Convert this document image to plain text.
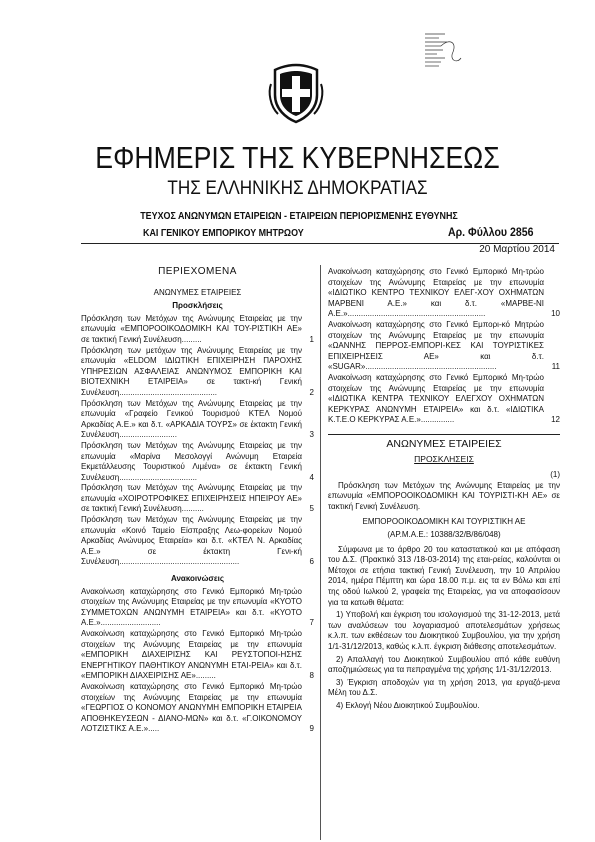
ΕΦΗΜΕΡΙΣ ΤΗΣ ΚΥΒΕΡΝΗΣΕΩΣ
ΤΗΣ ΕΛΛΗΝΙΚΗΣ ΔΗΜΟΚΡΑΤΙΑΣ
ΤΕΥΧΟΣ ΑΝΩΝΥΜΩΝ ΕΤΑΙΡΕΙΩΝ - ΕΤΑΙΡΕΙΩΝ ΠΕΡΙΟΡΙΣΜΕΝΗΣ ΕΥΘΥΝΗΣ
ΚΑΙ ΓΕΝΙΚΟΥ ΕΜΠΟΡΙΚΟΥ ΜΗΤΡΩΟΥ	Αρ. Φύλλου 2856
20 Μαρτίου 2014
ΠΕΡΙΕΧΟΜΕΝΑ
ΑΝΩΝΥΜΕΣ ΕΤΑΙΡΕΙΕΣ
Προσκλήσεις
Πρόσκληση των Μετόχων της Ανώνυμης Εταιρείας με την επωνυμία «ΕΜΠΟΡΟΟΙΚΟΔΟΜΙΚΗ ΚΑΙ ΤΟΥ-ΡΙΣΤΙΚΗ ΑΕ» σε τακτική Γενική Συνέλευση.........	1
Πρόσκληση των μετόχων της Ανώνυμης Εταιρείας με την επωνυμία «ELDOM ΙΔΙΩΤΙΚΗ ΕΠΙΧΕΙΡΗΣΗ ΠΑΡΟΧΗΣ ΥΠΗΡΕΣΙΩΝ ΑΣΦΑΛΕΙΑΣ ΑΝΩΝΥΜΟΣ ΕΜΠΟΡΙΚΗ ΚΑΙ ΒΙΟΤΕΧΝΙΚΗ ΕΤΑΙΡΕΙΑ» σε τακτι-κή Γενική Συνέλευση............................................	2
Πρόσκληση των Μετόχων της Ανώνυμης Εταιρείας με την επωνυμία «Γραφείο Γενικού Τουρισμού ΚΤΕΛ Νομού Αρκαδίας Α.Ε.» και δ.τ. «ΑΡΚΑΔΙΑ ΤΟΥΡΣ» σε έκτακτη Γενική Συνέλευση..........................	3
Πρόσκληση των Μετόχων της Ανώνυμης Εταιρείας με την επωνυμία «Μαρίνα Μεσολογγί Ανώνυμη Εταιρεία Εκμετάλλευσης Τουριστικού Λιμένα» σε έκτακτη Γενική Συνέλευση...................................	4
Πρόσκληση των Μετόχων της Ανώνυμης Εταιρείας με την επωνυμία «ΧΟΙΡΟΤΡΟΦΙΚΕΣ ΕΠΙΧΕΙΡΗΣΕΙΣ ΗΠΕΙΡΟΥ ΑΕ» σε τακτική Γενική Συνέλευση..........	5
Πρόσκληση των Μετόχων της Ανώνυμης Εταιρείας με την επωνυμία «Κοινό Ταμείο Είσπραξης Λεω-φορείων Νομού Αρκαδίας Ανώνυμος Εταιρεία» και δ.τ. «ΚΤΕΛ Ν. Αρκαδίας Α.Ε.» σε έκτακτη Γενι-κή Συνέλευση......................................................	6
Ανακοινώσεις
Ανακοίνωση καταχώρησης στο Γενικό Εμπορικό Μη-τρώο στοιχείων της Ανώνυμης Εταιρείας με την επωνυμία «ΚΥΟΤΟ ΣΥΜΜΕΤΟΧΩΝ ΑΝΩΝΥΜΗ ΕΤΑΙΡΕΙΑ» και δ.τ. «ΚΥΟΤΟ Α.Ε.»...........................	7
Ανακοίνωση καταχώρησης στο Γενικό Εμπορικό Μη-τρώο στοιχείων της Ανώνυμης Εταιρείας με την επωνυμία «ΕΜΠΟΡΙΚΗ ΔΙΑΧΕΙΡΙΣΗΣ ΚΑΙ ΡΕΥΣΤΟΠΟΙ-ΗΣΗΣ ΕΝΕΡΓΗΤΙΚΟΥ ΠΑΘΗΤΙΚΟΥ ΑΝΩΝΥΜΗ ΕΤΑΙ-ΡΕΙΑ» και δ.τ. «ΕΜΠΟΡΙΚΗ ΔΙΑΧΕΙΡΙΣΗΣ ΑΕ».........	8
Ανακοίνωση καταχώρησης στο Γενικό Εμπορικό Μη-τρώο στοιχείων της Ανώνυμης Εταιρείας με την επωνυμία «ΓΕΩΡΓΙΟΣ Ο ΚΟΝΟΜΟΥ ΑΝΩΝΥΜΗ ΕΜΠΟΡΙΚΗ ΕΤΑΙΡΕΙΑ ΑΠΟΘΗΚΕΥΣΕΩΝ - ΔΙΑΝΟ-ΜΩΝ» και δ.τ. «Γ.ΟΙΚΟΝΟΜΟΥ ΛΟΤΖΙΣΤΙΚΣ Α.Ε.».....	9
Ανακοίνωση καταχώρησης στο Γενικό Εμπορικό Μη-τρώο στοιχείων της Ανώνυμης Εταιρείας με την επωνυμία «ΙΔΙΩΤΙΚΟ ΚΕΝΤΡΟ ΤΕΧΝΙΚΟΥ ΕΛΕΓ-ΧΟΥ ΟΧΗΜΑΤΩΝ ΜΑΡΒΕΝΙ Α.Ε.» και δ.τ. «ΜΑΡΒΕ-ΝΙ Α.Ε.»..............................................................	10
Ανακοίνωση καταχώρησης στο Γενικό Εμπορι-κό Μητρώο στοιχείων της Ανώνυμης Εταιρείας με την επωνυμία «ΩΑΝΝΗΣ ΠΕΡΡΟΣ-ΕΜΠΟΡΙ-ΚΕΣ ΚΑΙ ΤΟΥΡΙΣΤΙΚΕΣ ΕΠΙΧΕΙΡΗΣΕΙΣ ΑΕ» και δ.τ. «SUGAR»...........................................................	11
Ανακοίνωση καταχώρησης στο Γενικό Εμπορικό Μη-τρώο στοιχείων της Ανώνυμης Εταιρείας με την επωνυμία «ΙΔΙΩΤΙΚΑ ΚΕΝΤΡΑ ΤΕΧΝΙΚΟΥ ΕΛΕΓΧΟΥ ΟΧΗΜΑΤΩΝ ΚΕΡΚΥΡΑΣ ΑΝΩΝΥΜΗ ΕΤΑΙΡΕΙΑ» και δ.τ. «ΙΔΙΩΤΙΚΑ Κ.Τ.Ε.Ο ΚΕΡΚΥΡΑΣ Α.Ε.»...............	12
ΑΝΩΝΥΜΕΣ ΕΤΑΙΡΕΙΕΣ
ΠΡΟΣΚΛΗΣΕΙΣ
(1)
Πρόσκληση των Μετόχων της Ανώνυμης Εταιρείας με την επωνυμία «ΕΜΠΟΡΟΟΙΚΟΔΟΜΙΚΗ ΚΑΙ ΤΟΥΡΙΣΤΙ-ΚΗ ΑΕ» σε τακτική Γενική Συνέλευση.
ΕΜΠΟΡΟΟΙΚΟΔΟΜΙΚΗ ΚΑΙ ΤΟΥΡΙΣΤΙΚΗ ΑΕ
(ΑΡ.Μ.Α.Ε.: 10388/32/Β/86/048)
Σύμφωνα με το άρθρο 20 του καταστατικού και με απόφαση του Δ.Σ. (Πρακτικό 313 /18-03-2014) της εται-ρείας, καλούνται οι Μέτοχοι σε ετήσια τακτική Γενική Συνέλευση, την 10 Απριλίου 2014, ημέρα Πέμπτη και ώρα 18.00 π.μ. εις τα εν Βόλω και επί της οδού Ιωλκού 2, γραφεία της Εταιρείας, για να αποφασίσουν για τα κατωθι θέματα:
1) Υποβολή και έγκριση του ισολογισμού της 31-12-2013, μετά των αναλύσεων του λογαριασμού αποτελεσμάτων χρήσεως κ.λ.π. των εκθέσεων του Διοικητικού Συμβουλίου, για την χρήση 1/1-31/12/2013, καθώς κ.λ.π. έγκριση διάθεσης αποτελεσμάτων.
2) Απαλλαγή του Διοικητικού Συμβουλίου από κάθε ευθύνη αποζημιώσεως για τα πεπραγμένα της χρήσης 1/1-31/12/2013.
3) Έγκριση αποδοχών για τη χρήση 2013, για εργαζό-μενα Μέλη του Δ.Σ.
4) Εκλογή Νέου Διοικητικού Συμβουλίου.
